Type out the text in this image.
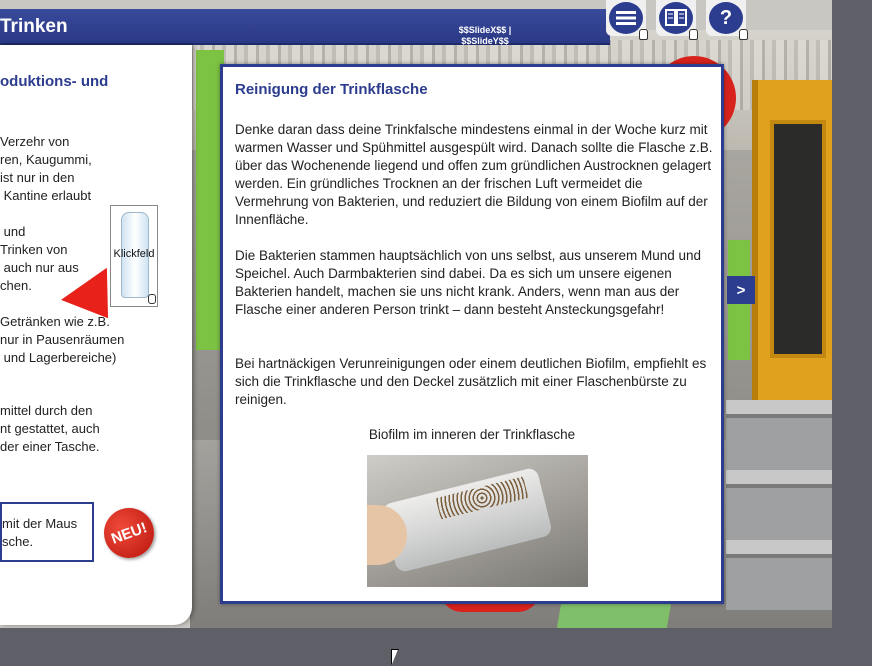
Trinken	$$SlideX$$ |
$$SlideY$$
?
oduktions- und
Verzehr von
ren, Kaugummi,
ist nur in den
Kantine erlaubt
und
Trinken von
auch nur aus
chen.
Getränken wie z.B.
nur in Pausenräumen
und Lagerbereiche)
mittel durch den
nt gestattet, auch
der einer Tasche.
Klickfeld
mit der Maus
sche.	NEU!
>
Reinigung der Trinkflasche
Denke daran dass deine Trinkfalsche mindestens einmal in der Woche kurz mit warmen Wasser und Spühmittel ausgespült wird. Danach sollte die Flasche z.B. über das Wochenende liegend und offen zum gründlichen Austrocknen gelagert werden. Ein gründliches Trocknen an der frischen Luft vermeidet die Vermehrung von Bakterien, und reduziert die Bildung von einem Biofilm auf der Innenfläche.
Die Bakterien stammen hauptsächlich von uns selbst, aus unserem Mund und Speichel. Auch Darmbakterien sind dabei. Da es sich um unsere eigenen Bakterien handelt, machen sie uns nicht krank. Anders, wenn man aus der Flasche einer anderen Person trinkt – dann besteht Ansteckungsgefahr!
Bei hartnäckigen Verunreinigungen oder einem deutlichen Biofilm, empfiehlt es sich die Trinkflasche und den Deckel zusätzlich mit einer Flaschenbürste zu reinigen.
Biofilm im inneren der Trinkflasche
